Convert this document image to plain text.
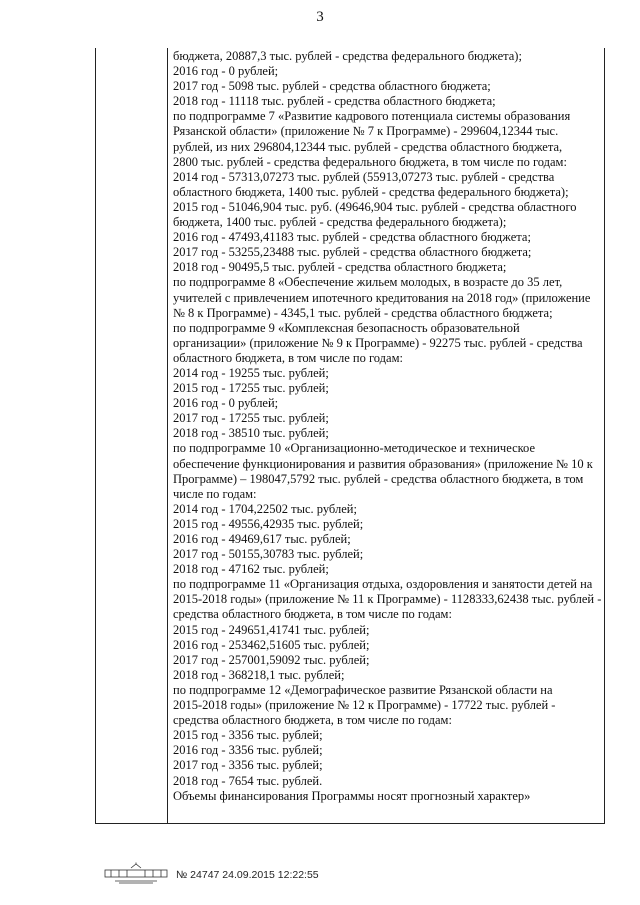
3
бюджета, 20887,3 тыс. рублей - средства федерального бюджета);
2016 год - 0 рублей;
2017 год - 5098 тыс. рублей - средства областного бюджета;
2018 год - 11118 тыс. рублей - средства областного бюджета;
по подпрограмме 7 «Развитие кадрового потенциала системы образования
Рязанской области» (приложение № 7 к Программе) - 299604,12344 тыс.
рублей, из них 296804,12344 тыс. рублей - средства областного бюджета,
2800 тыс. рублей - средства федерального бюджета, в том числе по годам:
2014 год - 57313,07273 тыс. рублей (55913,07273 тыс. рублей - средства
областного бюджета, 1400 тыс. рублей - средства федерального бюджета);
2015 год - 51046,904 тыс. руб. (49646,904 тыс. рублей - средства областного
бюджета, 1400 тыс. рублей - средства федерального бюджета);
2016 год - 47493,41183 тыс. рублей - средства областного бюджета;
2017 год - 53255,23488 тыс. рублей - средства областного бюджета;
2018 год - 90495,5 тыс. рублей - средства областного бюджета;
по подпрограмме 8 «Обеспечение жильем молодых, в возрасте до 35 лет,
учителей с привлечением ипотечного кредитования на 2018 год» (приложение
№ 8 к Программе) - 4345,1 тыс. рублей - средства областного бюджета;
по подпрограмме 9 «Комплексная безопасность образовательной
организации» (приложение № 9 к Программе) - 92275 тыс. рублей - средства
областного бюджета, в том числе по годам:
2014 год - 19255 тыс. рублей;
2015 год - 17255 тыс. рублей;
2016 год - 0 рублей;
2017 год - 17255 тыс. рублей;
2018 год - 38510 тыс. рублей;
по подпрограмме 10 «Организационно-методическое и техническое
обеспечение функционирования и развития образования» (приложение № 10 к
Программе) – 198047,5792 тыс. рублей - средства областного бюджета, в том
числе по годам:
2014 год - 1704,22502 тыс. рублей;
2015 год - 49556,42935 тыс. рублей;
2016 год - 49469,617 тыс. рублей;
2017 год - 50155,30783 тыс. рублей;
2018 год - 47162 тыс. рублей;
по подпрограмме 11 «Организация отдыха, оздоровления и занятости детей на
2015-2018 годы» (приложение № 11 к Программе) - 1128333,62438 тыс. рублей -
средства областного бюджета, в том числе по годам:
2015 год - 249651,41741 тыс. рублей;
2016 год - 253462,51605 тыс. рублей;
2017 год - 257001,59092 тыс. рублей;
2018 год - 368218,1 тыс. рублей;
по подпрограмме 12 «Демографическое развитие Рязанской области на
2015-2018 годы» (приложение № 12 к Программе) - 17722 тыс. рублей -
средства областного бюджета, в том числе по годам:
2015 год - 3356 тыс. рублей;
2016 год - 3356 тыс. рублей;
2017 год - 3356 тыс. рублей;
2018 год - 7654 тыс. рублей.
Объемы финансирования Программы носят прогнозный характер»
№ 24747 24.09.2015 12:22:55
